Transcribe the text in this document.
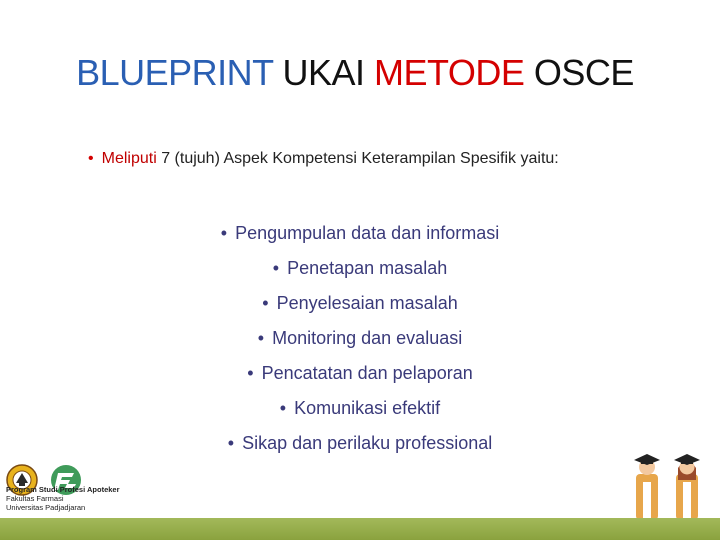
BLUEPRINT UKAI METODE OSCE
• Meliputi 7 (tujuh) Aspek Kompetensi Keterampilan Spesifik yaitu:
• Pengumpulan data dan informasi
• Penetapan masalah
• Penyelesaian masalah
• Monitoring dan evaluasi
• Pencatatan dan pelaporan
• Komunikasi efektif
• Sikap dan perilaku professional
Program Studi Profesi Apoteker
Fakultas Farmasi
Universitas Padjadjaran
